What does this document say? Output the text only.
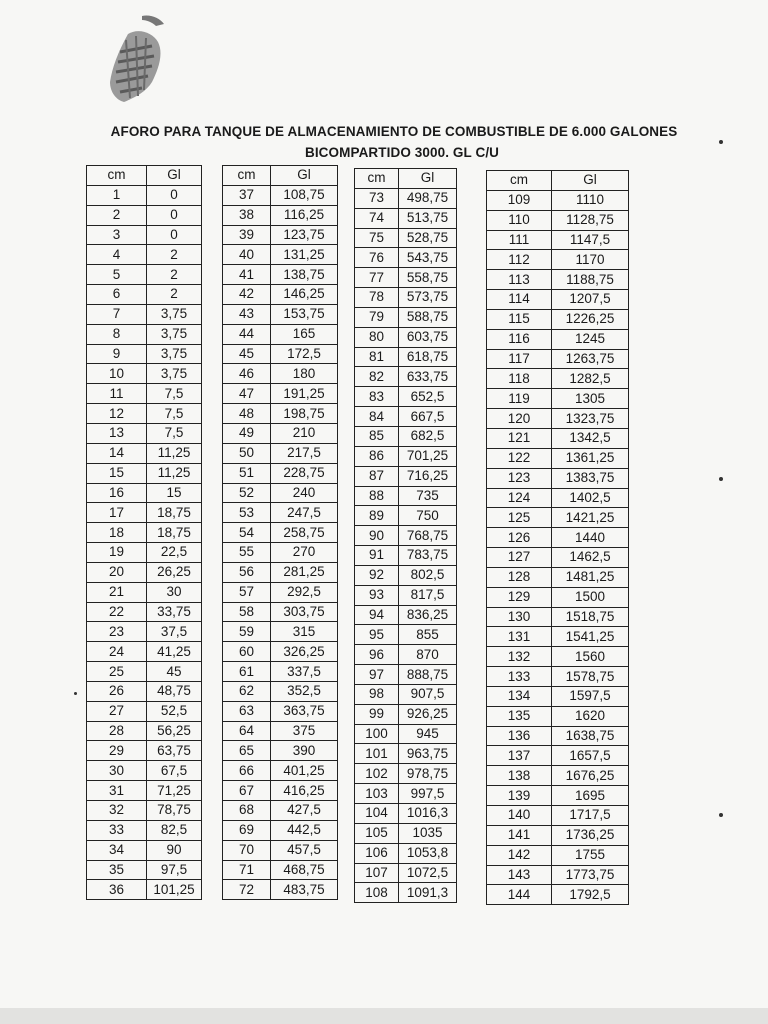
AFORO PARA TANQUE DE ALMACENAMIENTO DE COMBUSTIBLE DE 6.000 GALONES
BICOMPARTIDO 3000. GL C/U
cm	Gl
1	0
2	0
3	0
4	2
5	2
6	2
7	3,75
8	3,75
9	3,75
10	3,75
11	7,5
12	7,5
13	7,5
14	11,25
15	11,25
16	15
17	18,75
18	18,75
19	22,5
20	26,25
21	30
22	33,75
23	37,5
24	41,25
25	45
26	48,75
27	52,5
28	56,25
29	63,75
30	67,5
31	71,25
32	78,75
33	82,5
34	90
35	97,5
36	101,25
cm	Gl
37	108,75
38	116,25
39	123,75
40	131,25
41	138,75
42	146,25
43	153,75
44	165
45	172,5
46	180
47	191,25
48	198,75
49	210
50	217,5
51	228,75
52	240
53	247,5
54	258,75
55	270
56	281,25
57	292,5
58	303,75
59	315
60	326,25
61	337,5
62	352,5
63	363,75
64	375
65	390
66	401,25
67	416,25
68	427,5
69	442,5
70	457,5
71	468,75
72	483,75
cm	Gl
73	498,75
74	513,75
75	528,75
76	543,75
77	558,75
78	573,75
79	588,75
80	603,75
81	618,75
82	633,75
83	652,5
84	667,5
85	682,5
86	701,25
87	716,25
88	735
89	750
90	768,75
91	783,75
92	802,5
93	817,5
94	836,25
95	855
96	870
97	888,75
98	907,5
99	926,25
100	945
101	963,75
102	978,75
103	997,5
104	1016,3
105	1035
106	1053,8
107	1072,5
108	1091,3
cm	Gl
109	1110
110	1128,75
111	1147,5
112	1170
113	1188,75
114	1207,5
115	1226,25
116	1245
117	1263,75
118	1282,5
119	1305
120	1323,75
121	1342,5
122	1361,25
123	1383,75
124	1402,5
125	1421,25
126	1440
127	1462,5
128	1481,25
129	1500
130	1518,75
131	1541,25
132	1560
133	1578,75
134	1597,5
135	1620
136	1638,75
137	1657,5
138	1676,25
139	1695
140	1717,5
141	1736,25
142	1755
143	1773,75
144	1792,5
